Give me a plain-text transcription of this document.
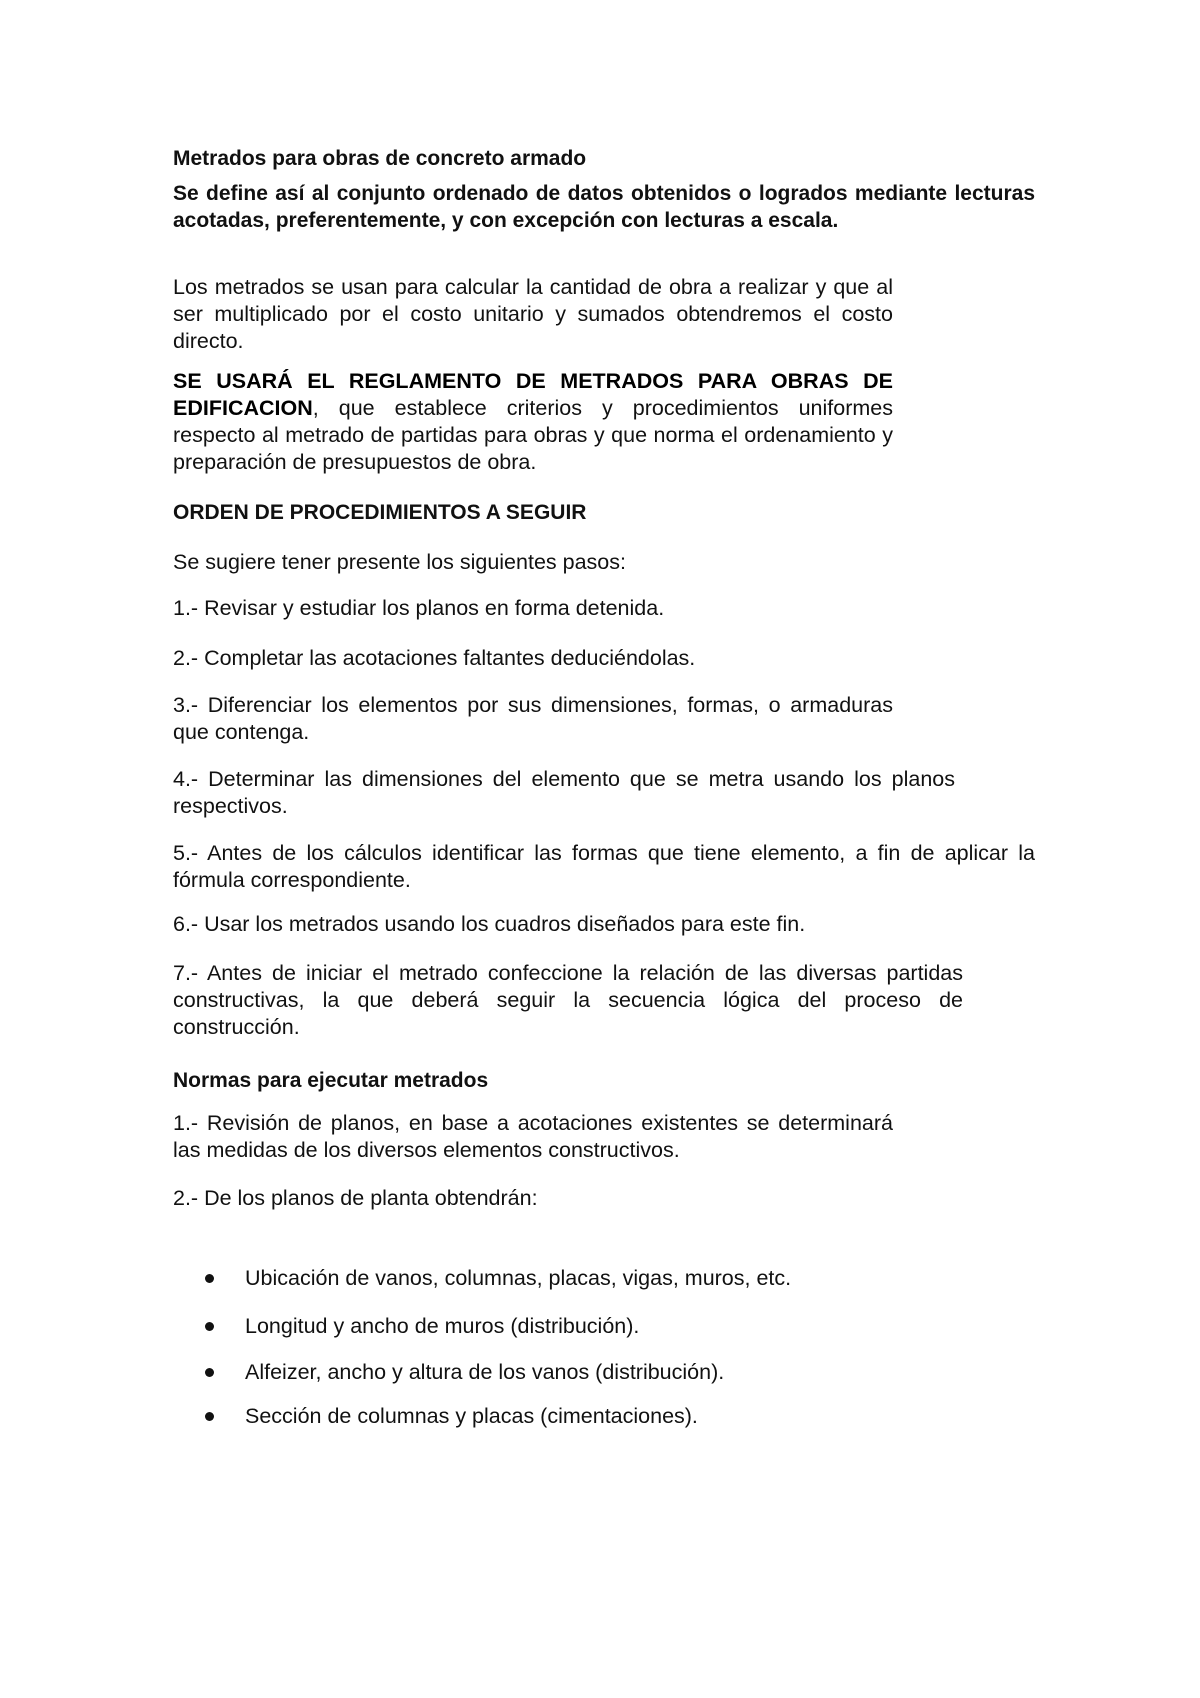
Metrados para obras de concreto armado

Se define así al conjunto ordenado de datos obtenidos o logrados mediante lecturas acotadas, preferentemente, y con excepción con lecturas a escala.

Los metrados se usan para calcular la cantidad de obra a realizar y que al ser multiplicado por el costo unitario y sumados obtendremos el costo directo.

SE USARÁ EL REGLAMENTO DE METRADOS PARA OBRAS DE EDIFICACION, que establece criterios y procedimientos uniformes respecto al metrado de partidas para obras y que norma el ordenamiento y preparación de presupuestos de obra.

ORDEN DE PROCEDIMIENTOS A SEGUIR

Se sugiere tener presente los siguientes pasos:

1.- Revisar y estudiar los planos en forma detenida.

2.- Completar las acotaciones faltantes deduciéndolas.

3.- Diferenciar los elementos por sus dimensiones, formas, o armaduras que contenga.

4.- Determinar las dimensiones del elemento que se metra usando los planos respectivos.

5.- Antes de los cálculos identificar las formas que tiene elemento, a fin de aplicar la fórmula correspondiente.

6.- Usar los metrados usando los cuadros diseñados para este fin.

7.- Antes de iniciar el metrado confeccione la relación de las diversas partidas constructivas, la que deberá seguir la secuencia lógica del proceso de construcción.

Normas para ejecutar metrados

1.- Revisión de planos, en base a acotaciones existentes se determinará las medidas de los diversos elementos constructivos.

2.- De los planos de planta obtendrán:

Ubicación de vanos, columnas, placas, vigas, muros, etc.
Longitud y ancho de muros (distribución).
Alfeizer, ancho y altura de los vanos (distribución).
Sección de columnas y placas (cimentaciones).
